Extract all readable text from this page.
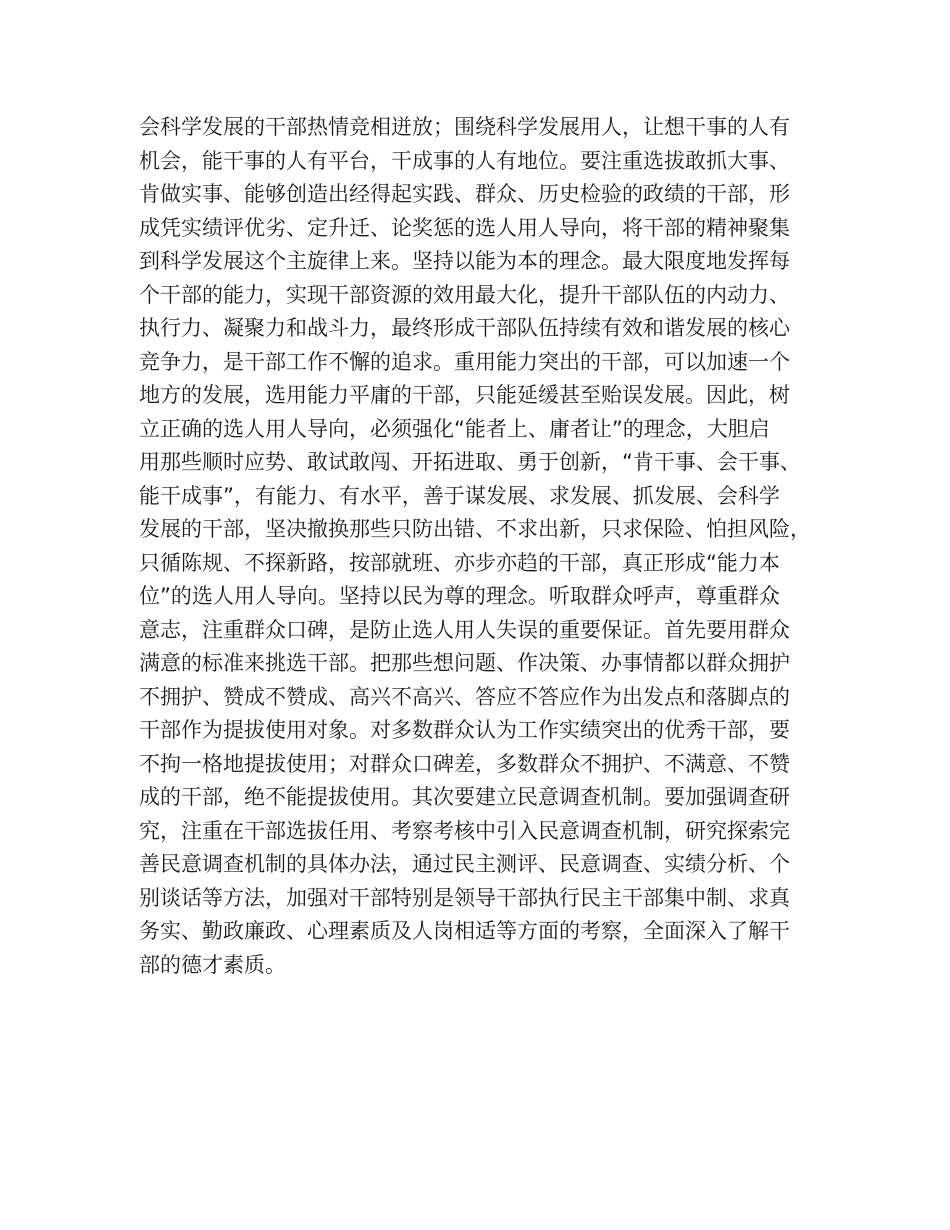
会科学发展的干部热情竞相迸放；围绕科学发展用人，让想干事的人有
机会，能干事的人有平台，干成事的人有地位。要注重选拔敢抓大事、
肯做实事、能够创造出经得起实践、群众、历史检验的政绩的干部，形
成凭实绩评优劣、定升迁、论奖惩的选人用人导向，将干部的精神聚集
到科学发展这个主旋律上来。坚持以能为本的理念。最大限度地发挥每
个干部的能力，实现干部资源的效用最大化，提升干部队伍的内动力、
执行力、凝聚力和战斗力，最终形成干部队伍持续有效和谐发展的核心
竞争力，是干部工作不懈的追求。重用能力突出的干部，可以加速一个
地方的发展，选用能力平庸的干部，只能延缓甚至贻误发展。因此，树
立正确的选人用人导向，必须强化“能者上、庸者让”的理念，大胆启
用那些顺时应势、敢试敢闯、开拓进取、勇于创新，“肯干事、会干事、
能干成事”，有能力、有水平，善于谋发展、求发展、抓发展、会科学
发展的干部，坚决撤换那些只防出错、不求出新，只求保险、怕担风险，
只循陈规、不探新路，按部就班、亦步亦趋的干部，真正形成“能力本
位”的选人用人导向。坚持以民为尊的理念。听取群众呼声，尊重群众
意志，注重群众口碑，是防止选人用人失误的重要保证。首先要用群众
满意的标准来挑选干部。把那些想问题、作决策、办事情都以群众拥护
不拥护、赞成不赞成、高兴不高兴、答应不答应作为出发点和落脚点的
干部作为提拔使用对象。对多数群众认为工作实绩突出的优秀干部，要
不拘一格地提拔使用；对群众口碑差，多数群众不拥护、不满意、不赞
成的干部，绝不能提拔使用。其次要建立民意调查机制。要加强调查研
究，注重在干部选拔任用、考察考核中引入民意调查机制，研究探索完
善民意调查机制的具体办法，通过民主测评、民意调查、实绩分析、个
别谈话等方法，加强对干部特别是领导干部执行民主干部集中制、求真
务实、勤政廉政、心理素质及人岗相适等方面的考察，全面深入了解干
部的德才素质。
